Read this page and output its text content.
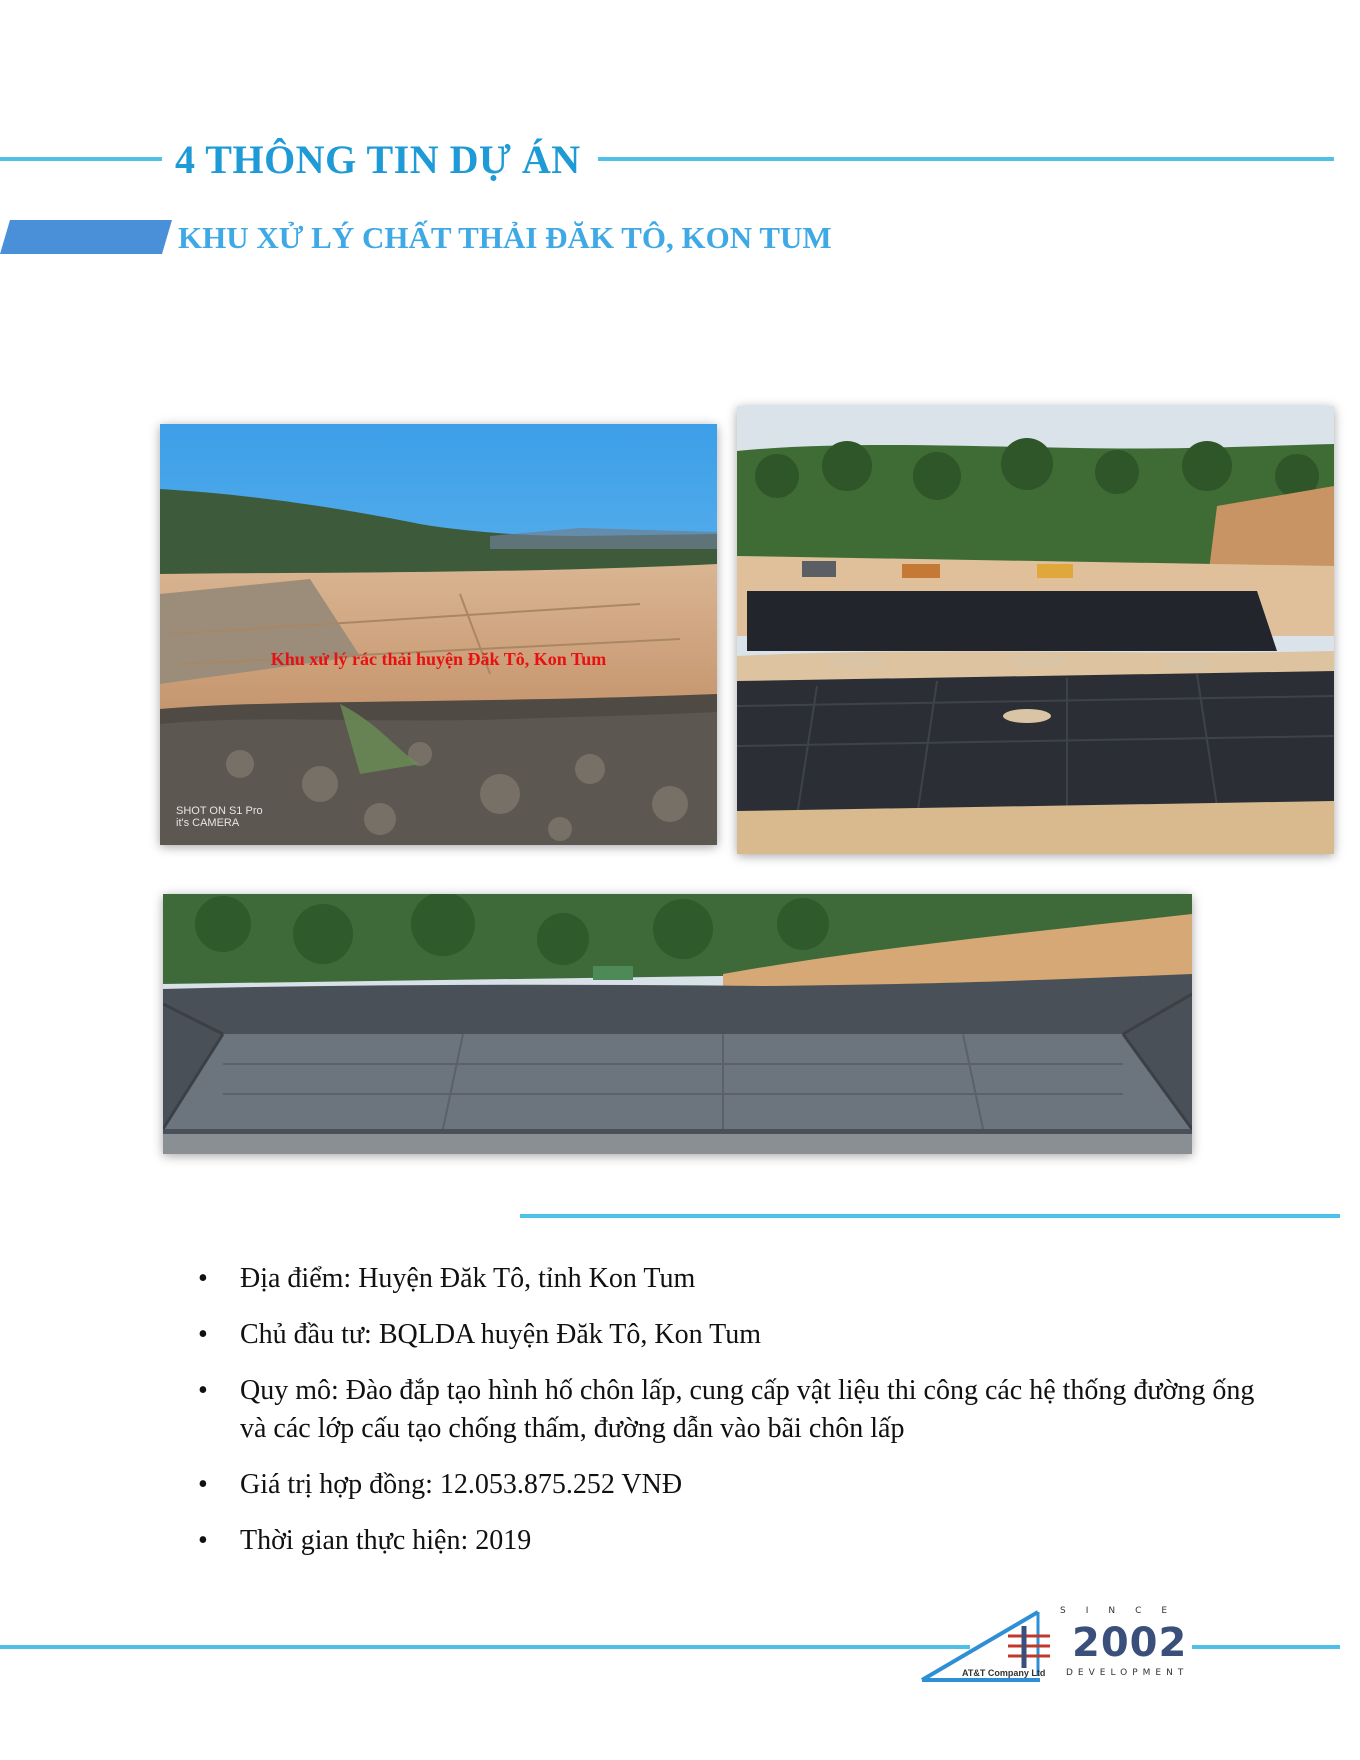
4 THÔNG TIN DỰ ÁN
KHU XỬ LÝ CHẤT THẢI ĐĂK TÔ, KON TUM
Khu xử lý rác thải huyện Đăk Tô, Kon Tum
SHOT ON S1 Pro
it's CAMERA
• Địa điểm: Huyện Đăk Tô, tỉnh Kon Tum
• Chủ đầu tư: BQLDA huyện Đăk Tô, Kon Tum
• Quy mô: Đào đắp tạo hình hố chôn lấp, cung cấp vật liệu thi công các hệ thống đường ống và các lớp cấu tạo chống thấm, đường dẫn vào bãi chôn lấp
• Giá trị hợp đồng: 12.053.875.252 VNĐ
• Thời gian thực hiện: 2019
SINCE
2002
DEVELOPMENT
AT&T Company Ltd
